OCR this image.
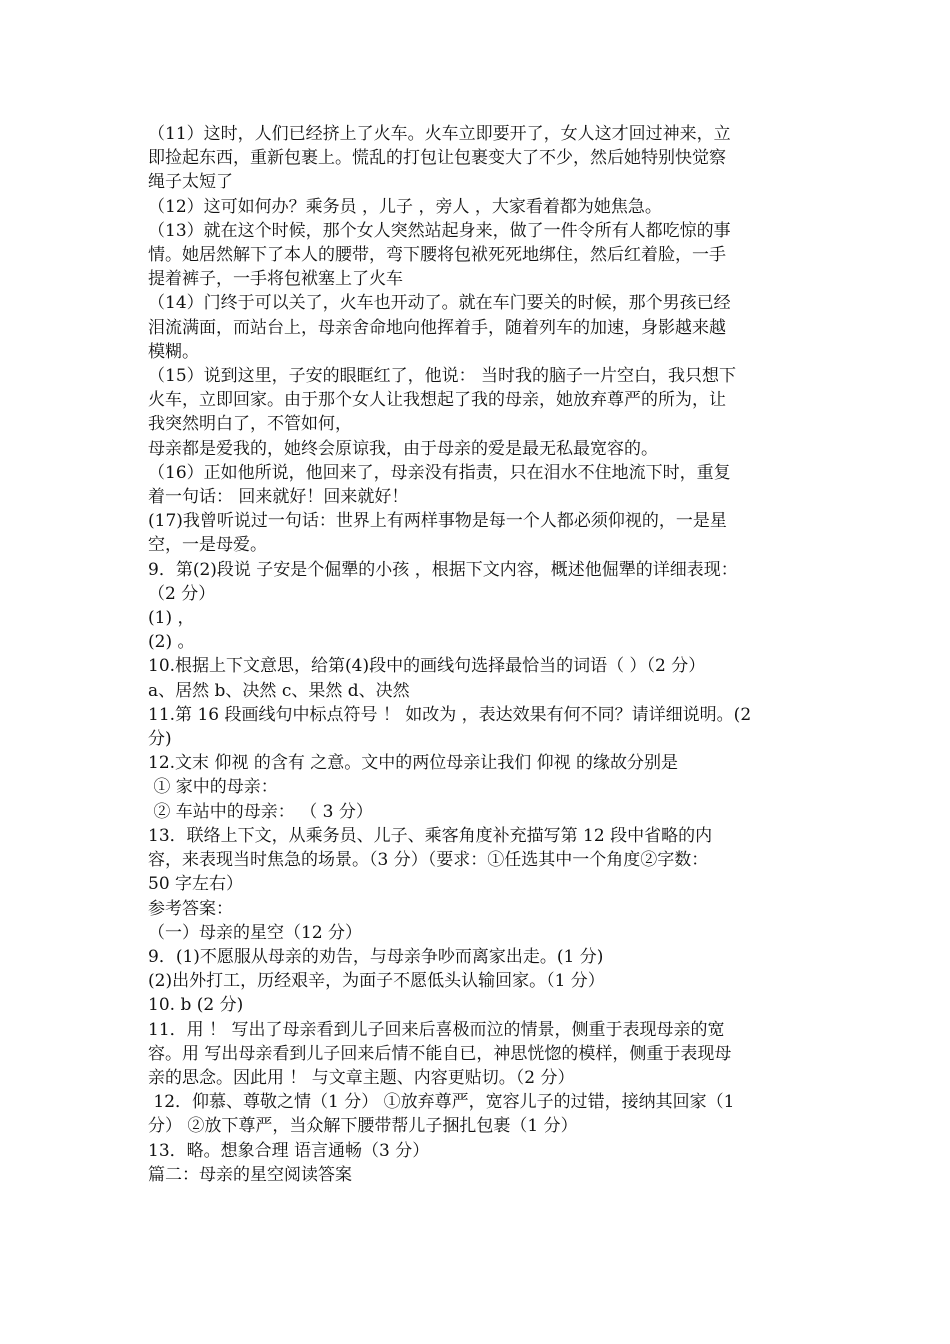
（11）这时，人们已经挤上了火车。火车立即要开了，女人这才回过神来，立
即捡起东西，重新包裹上。慌乱的打包让包裹变大了不少，然后她特别快觉察
绳子太短了
（12）这可如何办？乘务员 ，儿子 ，旁人 ，大家看着都为她焦急。
（13）就在这个时候，那个女人突然站起身来，做了一件令所有人都吃惊的事
情。她居然解下了本人的腰带，弯下腰将包袱死死地绑住，然后红着脸，一手
提着裤子，一手将包袱塞上了火车
（14）门终于可以关了，火车也开动了。就在车门要关的时候，那个男孩已经
泪流满面，而站台上，母亲舍命地向他挥着手，随着列车的加速，身影越来越
模糊。
（15）说到这里，子安的眼眶红了，他说： 当时我的脑子一片空白，我只想下
火车，立即回家。由于那个女人让我想起了我的母亲，她放弃尊严的所为，让
我突然明白了，不管如何，
母亲都是爱我的，她终会原谅我，由于母亲的爱是最无私最宽容的。
（16）正如他所说，他回来了，母亲没有指责，只在泪水不住地流下时，重复
着一句话： 回来就好！回来就好！
(17)我曾听说过一句话：世界上有两样事物是每一个人都必须仰视的，一是星
空，一是母爱。
9．第(2)段说 子安是个倔犟的小孩 ，根据下文内容，概述他倔犟的详细表现：
（2 分）
(1) ，
(2) 。
10.根据上下文意思，给第(4)段中的画线句选择最恰当的词语（ ）（2 分）
a、居然 b、决然 c、果然 d、决然
11.第 16 段画线句中标点符号 ！ 如改为 ，表达效果有何不同？请详细说明。(2
分)
12.文末 仰视 的含有 之意。文中的两位母亲让我们 仰视 的缘故分别是
① 家中的母亲：
② 车站中的母亲： （ 3 分）
13．联络上下文，从乘务员、儿子、乘客角度补充描写第 12 段中省略的内
容，来表现当时焦急的场景。（3 分）（要求：①任选其中一个角度②字数：
50 字左右）
参考答案：
（一）母亲的星空（12 分）
9．(1)不愿服从母亲的劝告，与母亲争吵而离家出走。(1 分)
(2)出外打工，历经艰辛，为面子不愿低头认输回家。（1 分）
10. b (2 分)
11．用 ！ 写出了母亲看到儿子回来后喜极而泣的情景，侧重于表现母亲的宽
容。用 写出母亲看到儿子回来后情不能自已，神思恍惚的模样，侧重于表现母
亲的思念。因此用 ！ 与文章主题、内容更贴切。（2 分）
12．仰慕、尊敬之情（1 分） ①放弃尊严，宽容儿子的过错，接纳其回家（1
分） ②放下尊严，当众解下腰带帮儿子捆扎包裹（1 分）
13．略。想象合理 语言通畅（3 分）
篇二：母亲的星空阅读答案
